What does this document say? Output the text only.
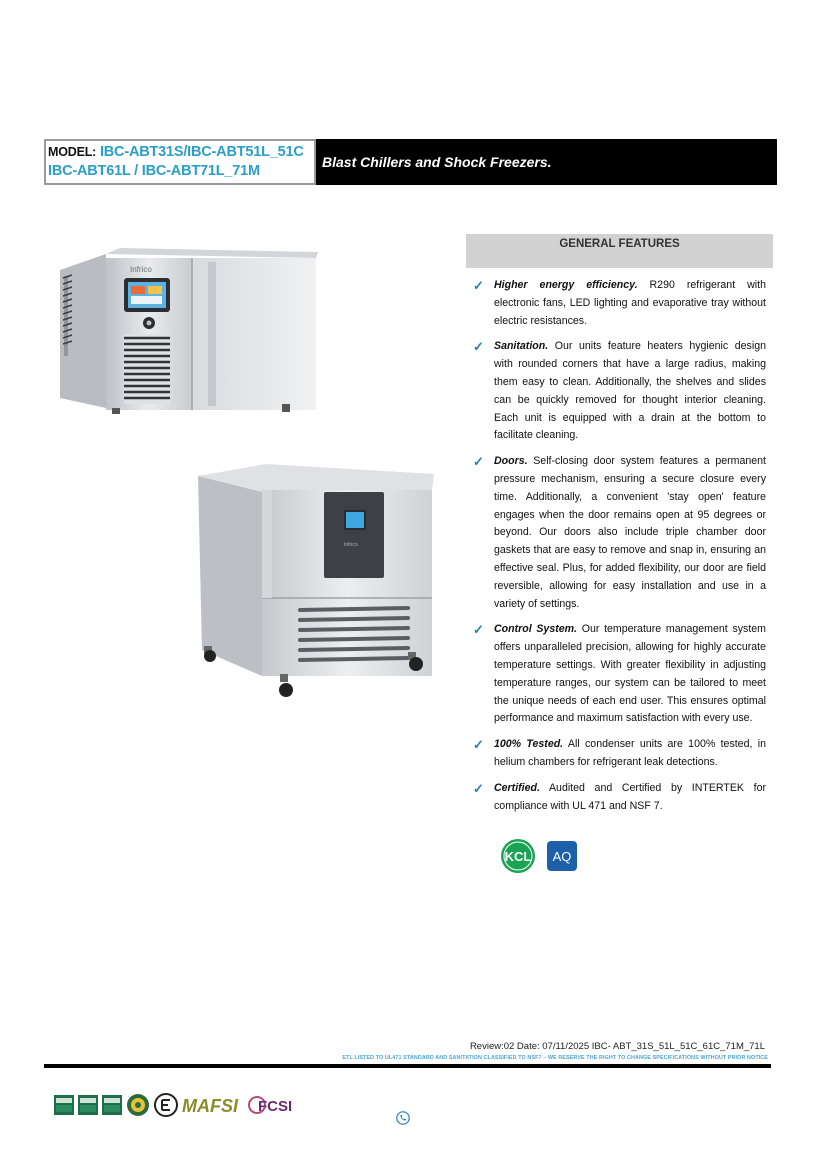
MODEL: IBC-ABT31S/IBC-ABT51L_51C
IBC-ABT61L / IBC-ABT71L_71M
Blast Chillers and Shock Freezers.
Infrico
Infrico
GENERAL FEATURES
✓ Higher energy efficiency. R290 refrigerant with electronic fans, LED lighting and evaporative tray without electric resistances.

✓ Sanitation. Our units feature heaters hygienic design with rounded corners that have a large radius, making them easy to clean. Additionally, the shelves and slides can be quickly removed for thought interior cleaning. Each unit is equipped with a drain at the bottom to facilitate cleaning.

✓ Doors. Self-closing door system features a permanent pressure mechanism, ensuring a secure closure every time. Additionally, a convenient 'stay open' feature engages when the door remains open at 95 degrees or beyond. Our doors also include triple chamber door gaskets that are easy to remove and snap in, ensuring an effective seal. Plus, for added flexibility, our door are field reversible, allowing for easy installation and use in a variety of settings.

✓ Control System. Our temperature management system offers unparalleled precision, allowing for highly accurate temperature settings. With greater flexibility in adjusting temperature ranges, our system can be tailored to meet the unique needs of each end user. This ensures optimal performance and maximum satisfaction with every use.

✓ 100% Tested. All condenser units are 100% tested, in helium chambers for refrigerant leak detections.

✓ Certified. Audited and Certified by INTERTEK for compliance with UL 471 and NSF 7.

KCL AQ
Review:02 Date: 07/11/2025 IBC- ABT_31S_51L_51C_61C_71M_71L
ETL LISTED TO UL471 STANDARD AND SANITATION CLASSIFIED TO NSF7 – WE RESERVE THE RIGHT TO CHANGE SPECIFICATIONS WITHOUT PRIOR NOTICE
MAFSI FCSI
